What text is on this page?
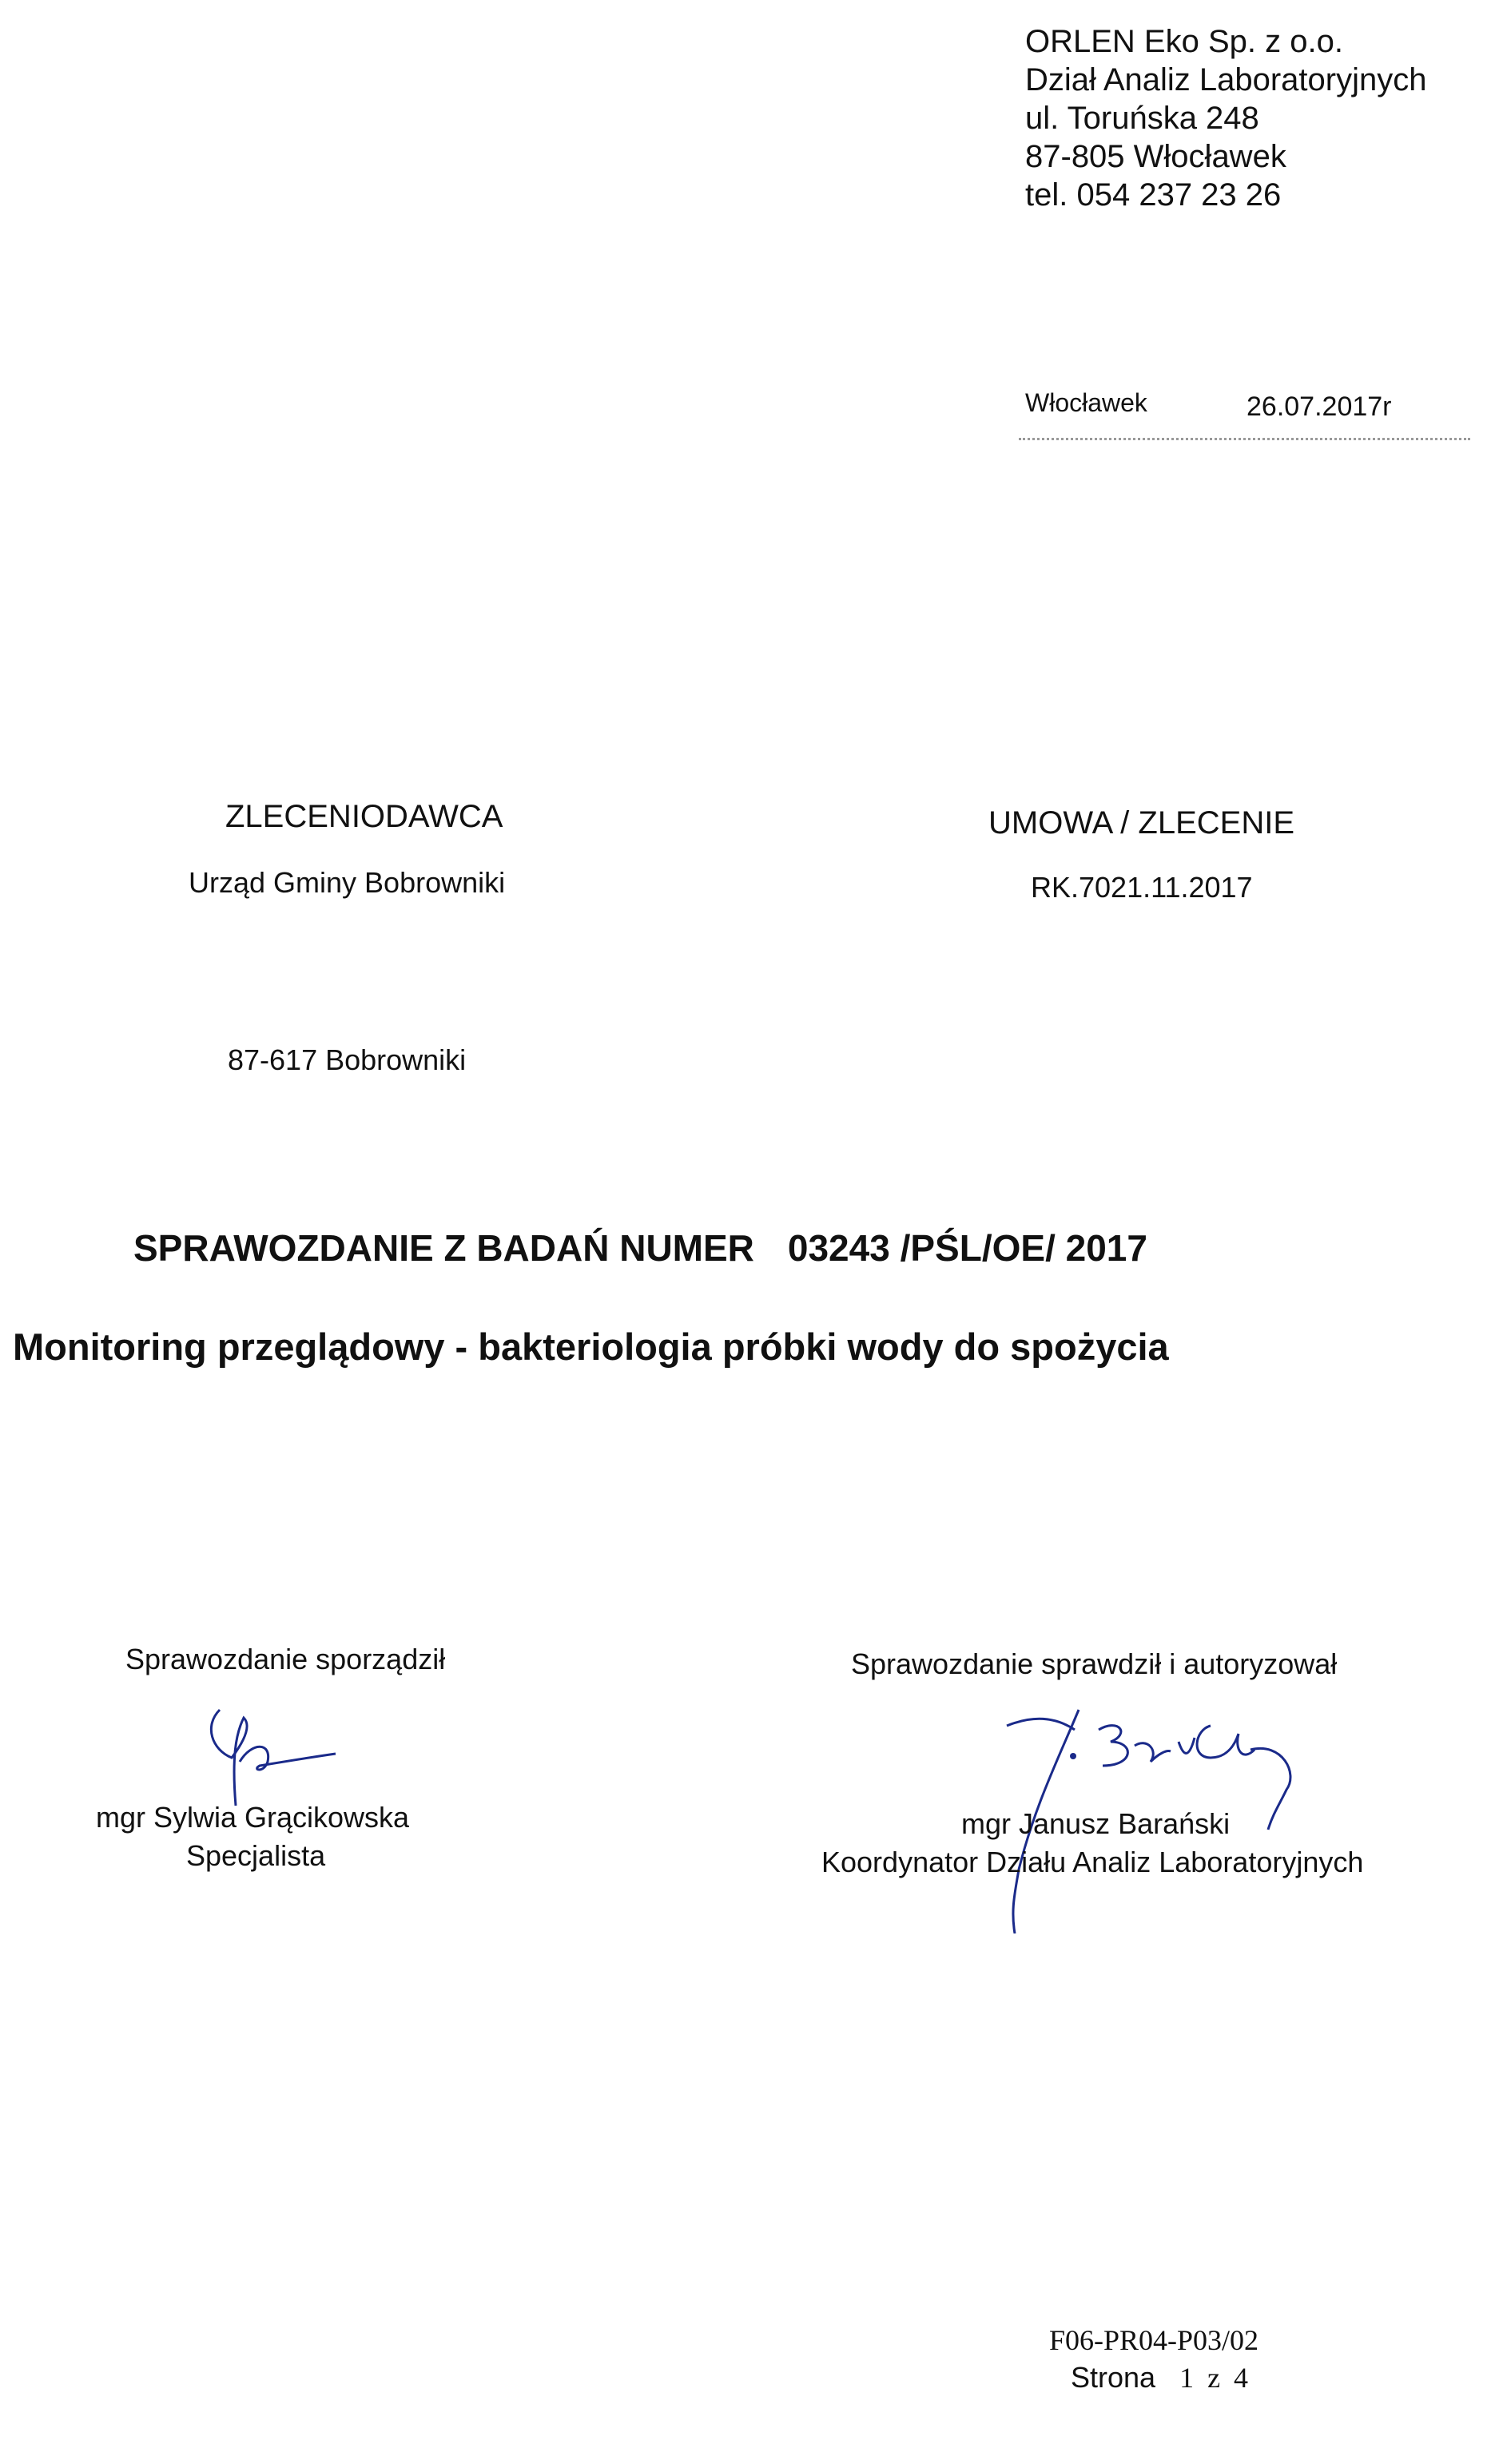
ORLEN Eko Sp. z o.o.
Dział Analiz Laboratoryjnych
ul. Toruńska 248
87-805 Włocławek
tel. 054 237 23 26
Włocławek	26.07.2017r
ZLECENIODAWCA
Urząd Gminy Bobrowniki
87-617 Bobrowniki
UMOWA / ZLECENIE
RK.7021.11.2017
SPRAWOZDANIE Z BADAŃ NUMER 03243 /PŚL/OE/ 2017
Monitoring przeglądowy - bakteriologia próbki wody do spożycia
Sprawozdanie sporządził
mgr Sylwia Grącikowska
Specjalista
Sprawozdanie sprawdził i autoryzował
mgr Janusz Barański
Koordynator Działu Analiz Laboratoryjnych
F06-PR04-P03/02
Strona 1 z 4
